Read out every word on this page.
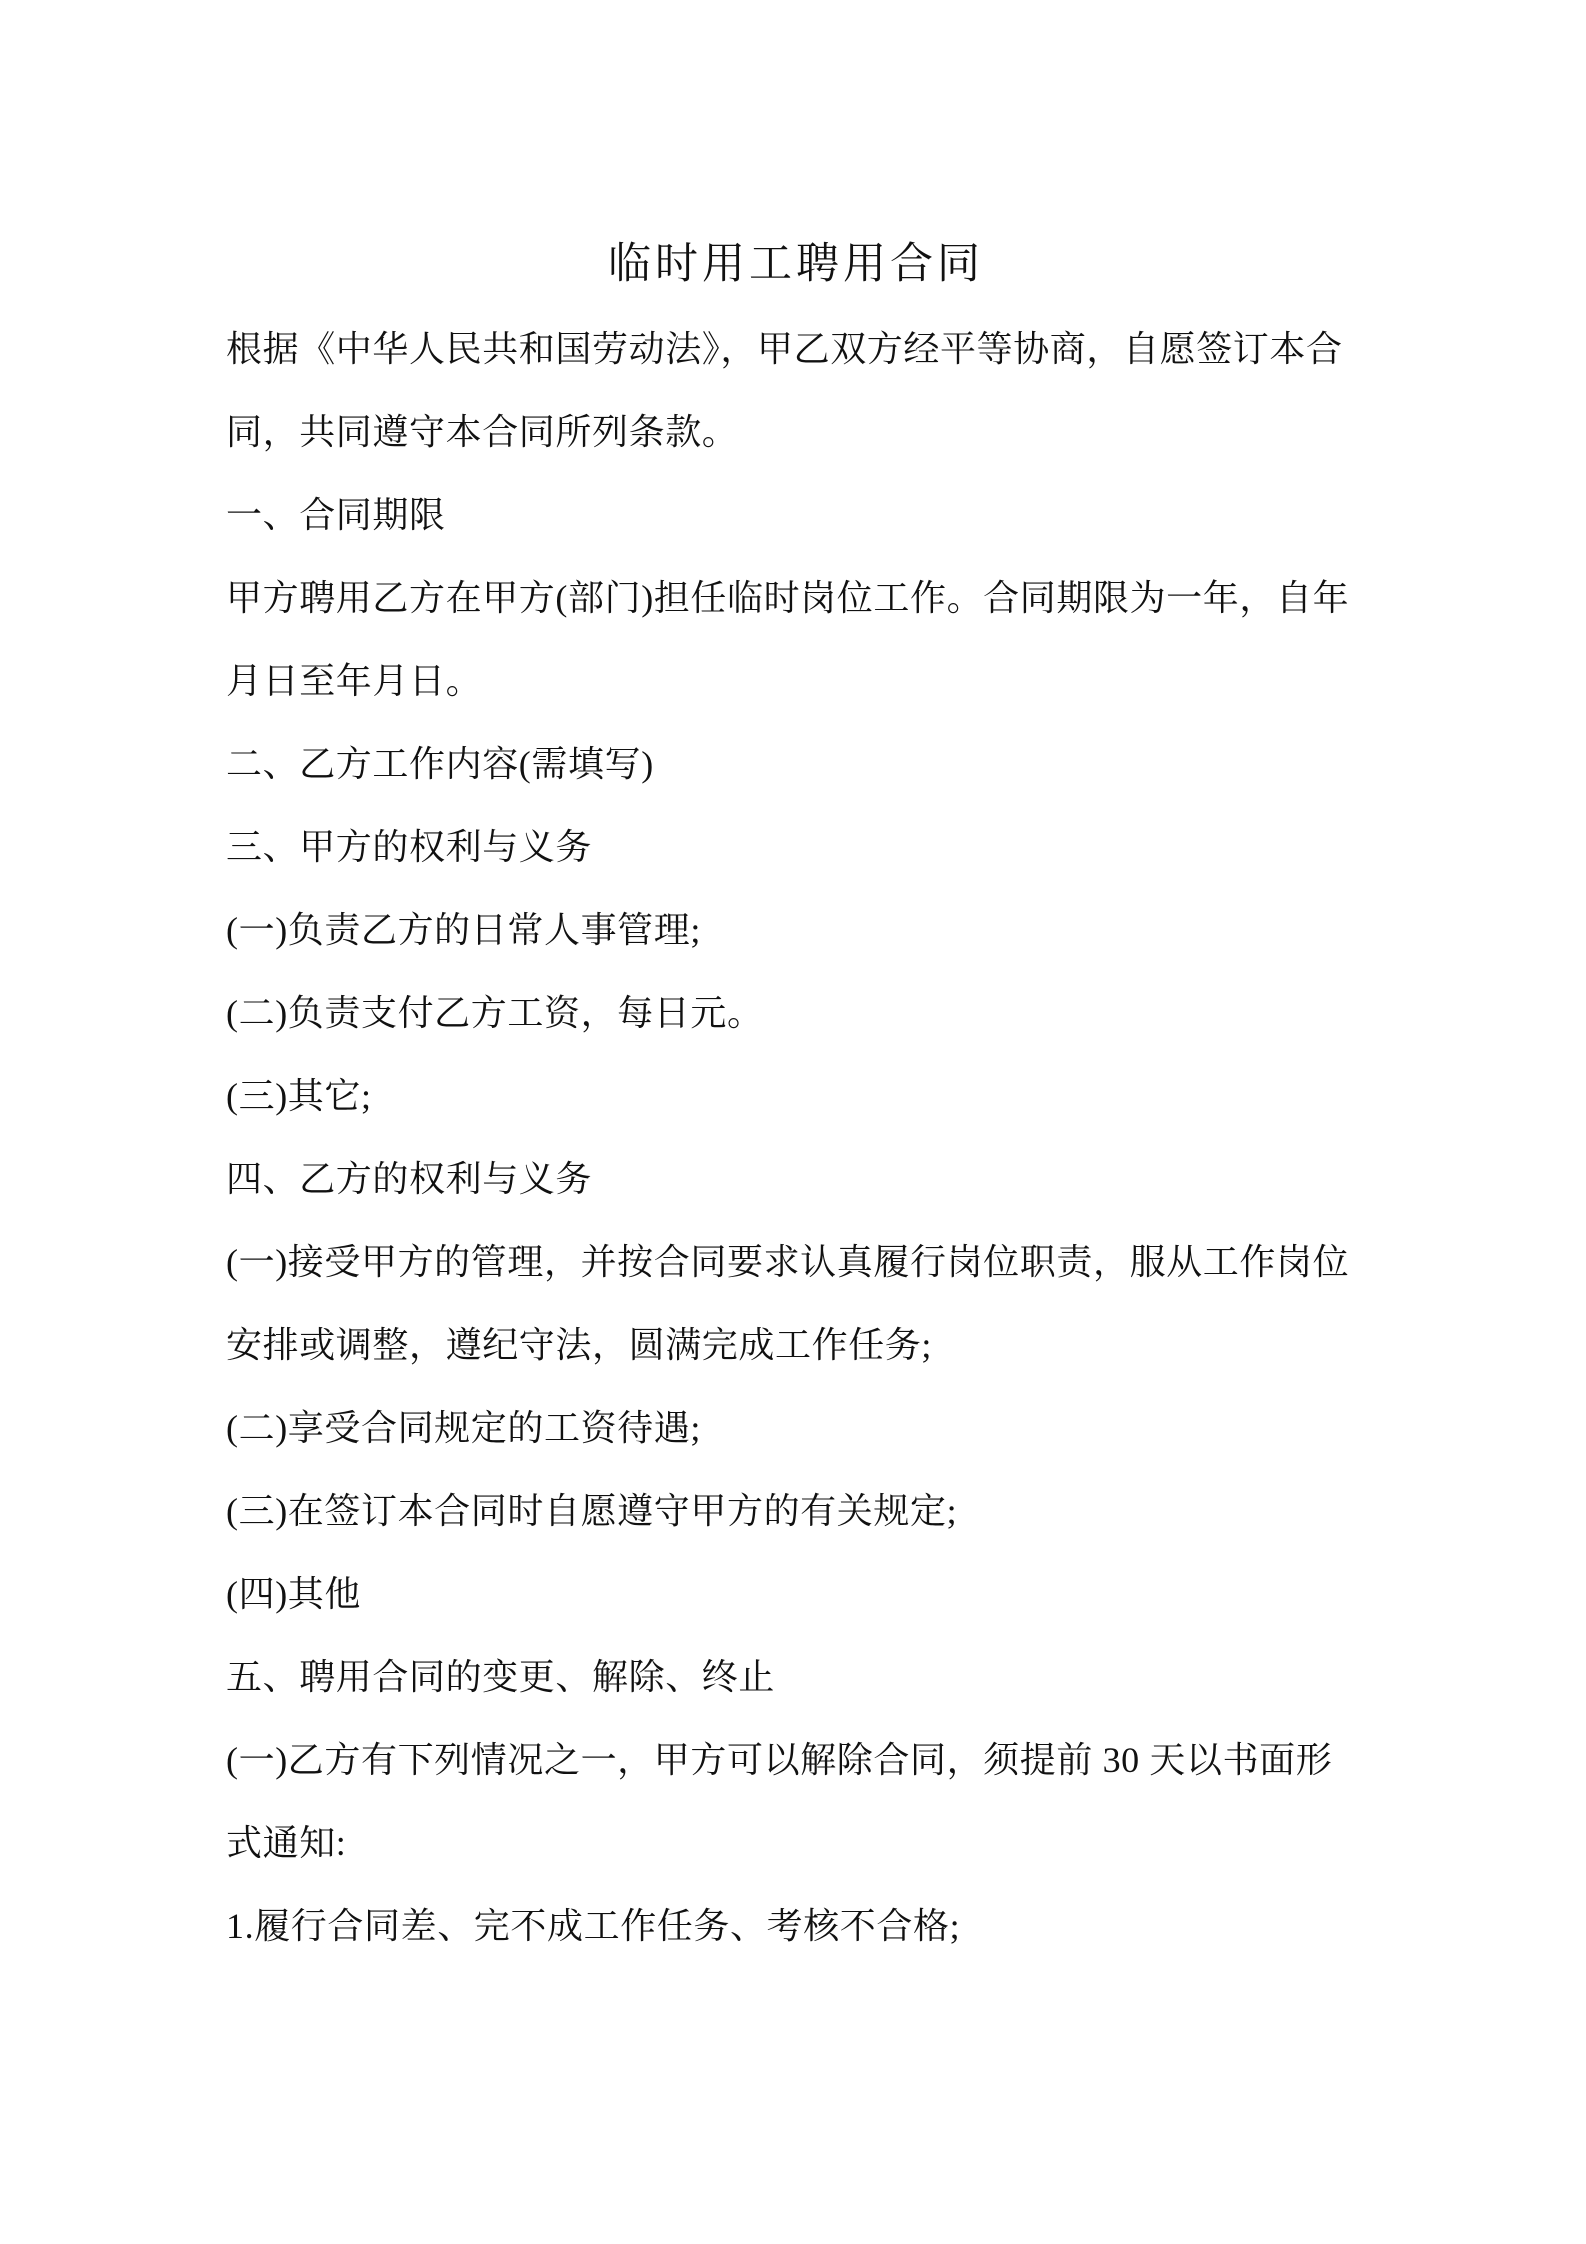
临时用工聘用合同
根据《中华人民共和国劳动法》，甲乙双方经平等协商，自愿签订本合
同，共同遵守本合同所列条款。
一、合同期限
甲方聘用乙方在甲方(部门)担任临时岗位工作。合同期限为一年，自年
月日至年月日。
二、乙方工作内容(需填写)
三、甲方的权利与义务
(一)负责乙方的日常人事管理;
(二)负责支付乙方工资，每日元。
(三)其它;
四、乙方的权利与义务
(一)接受甲方的管理，并按合同要求认真履行岗位职责，服从工作岗位
安排或调整，遵纪守法，圆满完成工作任务;
(二)享受合同规定的工资待遇;
(三)在签订本合同时自愿遵守甲方的有关规定;
(四)其他
五、聘用合同的变更、解除、终止
(一)乙方有下列情况之一，甲方可以解除合同，须提前 30 天以书面形
式通知:
1.履行合同差、完不成工作任务、考核不合格;
